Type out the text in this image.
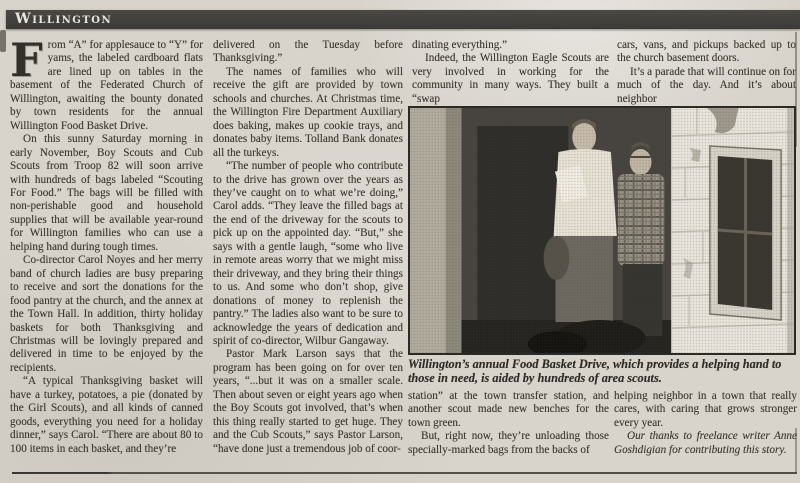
Willington

From “A” for applesauce to “Y” for yams, the labeled cardboard flats are lined up on tables in the basement of the Federated Church of Willington, awaiting the bounty donated by town residents for the annual Willington Food Basket Drive.

On this sunny Saturday morning in early November, Boy Scouts and Cub Scouts from Troop 82 will soon arrive with hundreds of bags labeled “Scouting For Food.” The bags will be filled with non-perishable good and household supplies that will be available year-round for Willington families who can use a helping hand during tough times.

Co-director Carol Noyes and her merry band of church ladies are busy preparing to receive and sort the donations for the food pantry at the church, and the annex at the Town Hall. In addition, thirty holiday baskets for both Thanksgiving and Christmas will be lovingly prepared and delivered in time to be enjoyed by the recipients.

“A typical Thanksgiving basket will have a turkey, potatoes, a pie (donated by the Girl Scouts), and all kinds of canned goods, everything you need for a holiday dinner,” says Carol. “There are about 80 to 100 items in each basket, and they’re

delivered on the Tuesday before Thanksgiving.”

The names of families who will receive the gift are provided by town schools and churches. At Christmas time, the Willington Fire Department Auxiliary does baking, makes up cookie trays, and donates baby items. Tolland Bank donates all the turkeys.

“The number of people who contribute to the drive has grown over the years as they’ve caught on to what we’re doing,” Carol adds. “They leave the filled bags at the end of the driveway for the scouts to pick up on the appointed day. “But,” she says with a gentle laugh, “some who live in remote areas worry that we might miss their driveway, and they bring their things to us. And some who don’t shop, give donations of money to replenish the pantry.” The ladies also want to be sure to acknowledge the years of dedication and spirit of co-director, Wilbur Gangaway.

Pastor Mark Larson says that the program has been going on for over ten years, “...but it was on a smaller scale. Then about seven or eight years ago when the Boy Scouts got involved, that’s when this thing really started to get huge. They and the Cub Scouts,” says Pastor Larson, “have done just a tremendous job of coor-

dinating everything.”

Indeed, the Willington Eagle Scouts are very involved in working for the community in many ways. They built a “swap

cars, vans, and pickups backed up to the church basement doors.

It’s a parade that will continue on for much of the day. And it’s about neighbor

Willington’s annual Food Basket Drive, which provides a helping hand to those in need, is aided by hundreds of area scouts.

station” at the town transfer station, and another scout made new benches for the town green.

But, right now, they’re unloading those specially-marked bags from the backs of

helping neighbor in a town that really cares, with caring that grows stronger every year.

Our thanks to freelance writer Anne Goshdigian for contributing this story.
